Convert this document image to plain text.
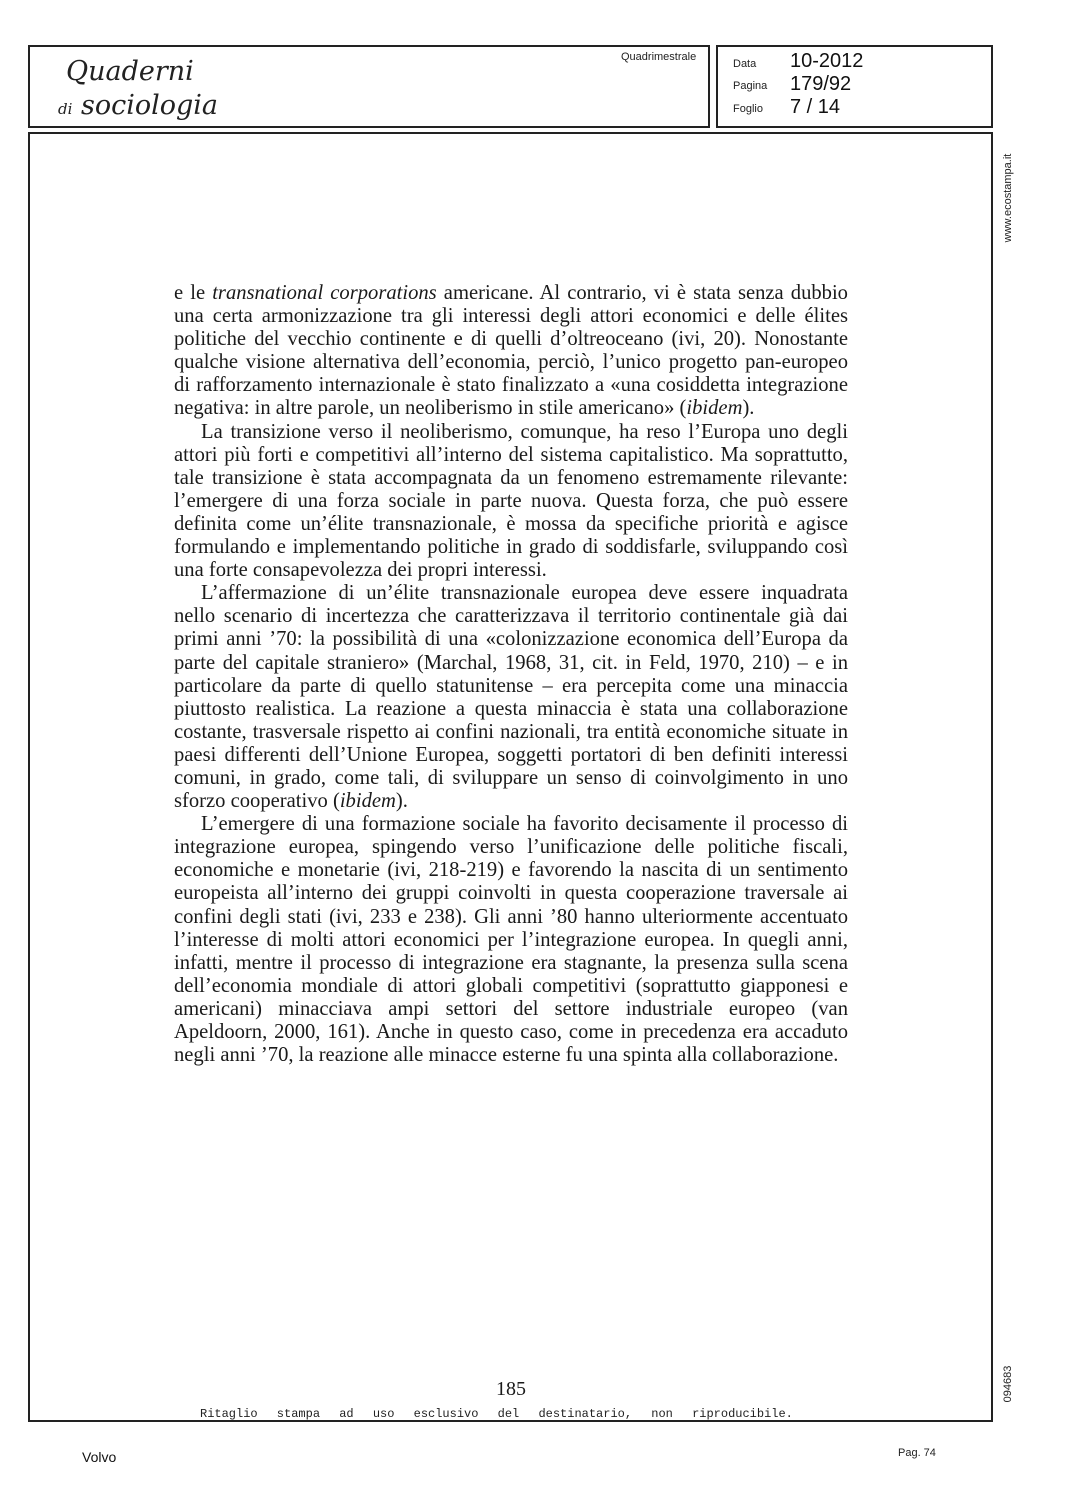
Quaderni
di sociologia
Quadrimestrale
Data 10-2012
Pagina 179/92
Foglio 7 / 14
www.ecostampa.it
094683

e le transnational corporations americane. Al contrario, vi è stata senza dubbio una certa armonizzazione tra gli interessi degli attori economici e delle élites politiche del vecchio continente e di quelli d’oltreoceano (ivi, 20). Nonostante qualche visione alternativa dell’economia, perciò, l’unico progetto pan-europeo di rafforzamento internazionale è stato finalizzato a «una cosiddetta integrazione negativa: in altre parole, un neoliberismo in stile americano» (ibidem).

La transizione verso il neoliberismo, comunque, ha reso l’Europa uno degli attori più forti e competitivi all’interno del sistema capitalistico. Ma soprattutto, tale transizione è stata accompagnata da un fenomeno estremamente rilevante: l’emergere di una forza sociale in parte nuova. Questa forza, che può essere definita come un’élite transnazionale, è mossa da specifiche priorità e agisce formulando e implementando politiche in grado di soddisfarle, sviluppando così una forte consapevolezza dei propri interessi.

L’affermazione di un’élite transnazionale europea deve essere inquadrata nello scenario di incertezza che caratterizzava il territorio continentale già dai primi anni ’70: la possibilità di una «colonizzazione economica dell’Europa da parte del capitale straniero» (Marchal, 1968, 31, cit. in Feld, 1970, 210) – e in particolare da parte di quello statunitense – era percepita come una minaccia piuttosto realistica. La reazione a questa minaccia è stata una collaborazione costante, trasversale rispetto ai confini nazionali, tra entità economiche situate in paesi differenti dell’Unione Europea, soggetti portatori di ben definiti interessi comuni, in grado, come tali, di sviluppare un senso di coinvolgimento in uno sforzo cooperativo (ibidem).

L’emergere di una formazione sociale ha favorito decisamente il processo di integrazione europea, spingendo verso l’unificazione delle politiche fiscali, economiche e monetarie (ivi, 218-219) e favorendo la nascita di un sentimento europeista all’interno dei gruppi coinvolti in questa cooperazione traversale ai confini degli stati (ivi, 233 e 238). Gli anni ’80 hanno ulteriormente accentuato l’interesse di molti attori economici per l’integrazione europea. In quegli anni, infatti, mentre il processo di integrazione era stagnante, la presenza sulla scena dell’economia mondiale di attori globali competitivi (soprattutto giapponesi e americani) minacciava ampi settori del settore industriale europeo (van Apeldoorn, 2000, 161). Anche in questo caso, come in precedenza era accaduto negli anni ’70, la reazione alle minacce esterne fu una spinta alla collaborazione.

185
Ritaglio stampa ad uso esclusivo del destinatario, non riproducibile.
Volvo	Pag. 74
